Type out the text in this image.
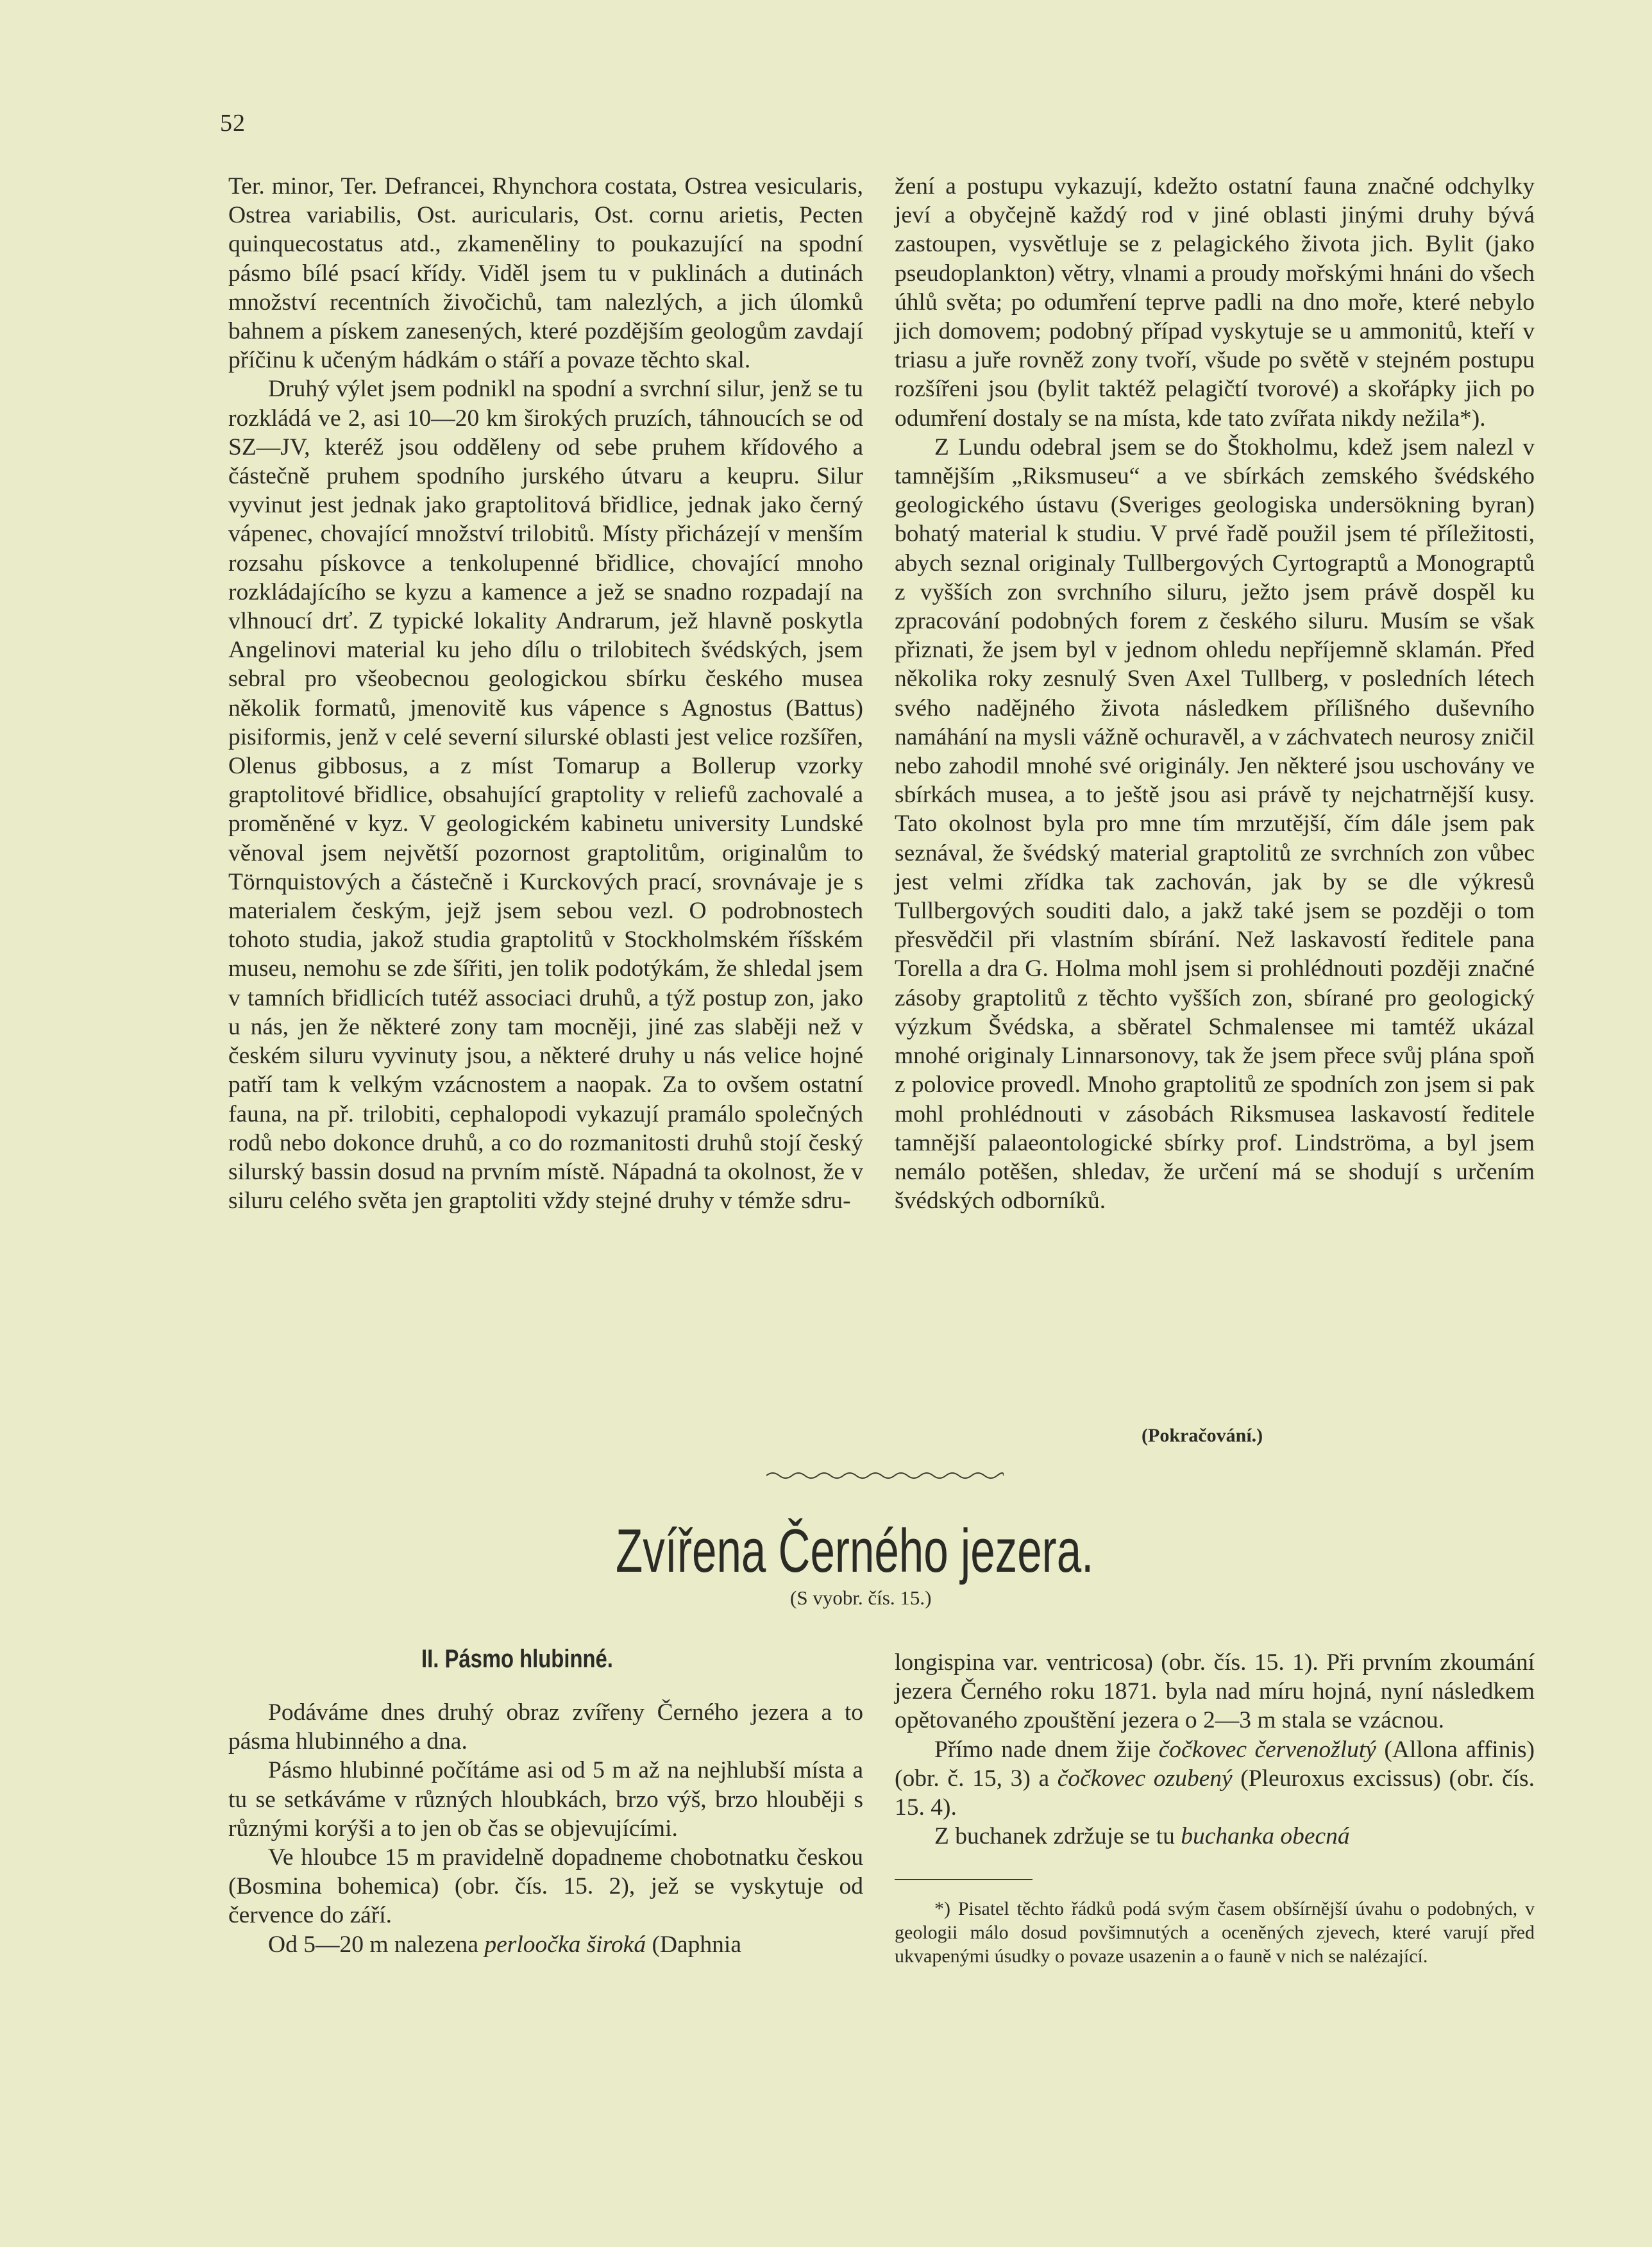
52

Ter. minor, Ter. Defrancei, Rhynchora costata, Ostrea vesicularis, Ostrea variabilis, Ost. auricularis, Ost. cornu arietis, Pecten quinquecostatus atd., zkameněliny to poukazující na spodní pásmo bílé psací křídy. Viděl jsem tu v puklinách a dutinách množství recentních živočichů, tam nalezlých, a jich úlomků bahnem a pískem zanesených, které pozdějším geologům zavdají příčinu k učeným hádkám o stáří a povaze těchto skal.

Druhý výlet jsem podnikl na spodní a svrchní silur, jenž se tu rozkládá ve 2, asi 10—20 km širokých pruzích, táhnoucích se od SZ—JV, kteréž jsou odděleny od sebe pruhem křídového a částečně pruhem spodního jurského útvaru a keupru. Silur vyvinut jest jednak jako graptolitová břidlice, jednak jako černý vápenec, chovající množství trilobitů. Místy přicházejí v menším rozsahu pískovce a tenkolupenné břidlice, chovající mnoho rozkládajícího se kyzu a kamence a jež se snadno rozpadají na vlhnoucí drť. Z typické lokality Andrarum, jež hlavně poskytla Angelinovi material ku jeho dílu o trilobitech švédských, jsem sebral pro všeobecnou geologickou sbírku českého musea několik formatů, jmenovitě kus vápence s Agnostus (Battus) pisiformis, jenž v celé severní silurské oblasti jest velice rozšířen, Olenus gibbosus, a z míst Tomarup a Bollerup vzorky graptolitové břidlice, obsahující graptolity v reliefů zachovalé a proměněné v kyz. V geologickém kabinetu university Lundské věnoval jsem největší pozornost graptolitům, originalům to Törnquistových a částečně i Kurckových prací, srovnávaje je s materialem českým, jejž jsem sebou vezl. O podrobnostech tohoto studia, jakož studia graptolitů v Stockholmském říšském museu, nemohu se zde šířiti, jen tolik podotýkám, že shledal jsem v tamních břidlicích tutéž associaci druhů, a týž postup zon, jako u nás, jen že některé zony tam mocněji, jiné zas slaběji než v českém siluru vyvinuty jsou, a některé druhy u nás velice hojné patří tam k velkým vzácnostem a naopak. Za to ovšem ostatní fauna, na př. trilobiti, cephalopodi vykazují pramálo společných rodů nebo dokonce druhů, a co do rozmanitosti druhů stojí český silurský bassin dosud na prvním místě. Nápadná ta okolnost, že v siluru celého světa jen graptoliti vždy stejné druhy v témže sdru-

žení a postupu vykazují, kdežto ostatní fauna značné odchylky jeví a obyčejně každý rod v jiné oblasti jinými druhy bývá zastoupen, vysvětluje se z pelagického života jich. Bylit (jako pseudoplankton) větry, vlnami a proudy mořskými hnáni do všech úhlů světa; po odumření teprve padli na dno moře, které nebylo jich domovem; podobný případ vyskytuje se u ammonitů, kteří v triasu a juře rovněž zony tvoří, všude po světě v stejném postupu rozšířeni jsou (bylit taktéž pelagičtí tvorové) a skořápky jich po odumření dostaly se na místa, kde tato zvířata nikdy nežila*).

Z Lundu odebral jsem se do Štokholmu, kdež jsem nalezl v tamnějším „Riksmuseu“ a ve sbírkách zemského švédského geologického ústavu (Sveriges geologiska undersökning byran) bohatý material k studiu. V prvé řadě použil jsem té příležitosti, abych seznal originaly Tullbergových Cyrtograptů a Monograptů z vyšších zon svrchního siluru, ježto jsem právě dospěl ku zpracování podobných forem z českého siluru. Musím se však přiznati, že jsem byl v jednom ohledu nepříjemně sklamán. Před několika roky zesnulý Sven Axel Tullberg, v posledních létech svého nadějného života následkem přílišného duševního namáhání na mysli vážně ochuravěl, a v záchvatech neurosy zničil nebo zahodil mnohé své originály. Jen některé jsou uschovány ve sbírkách musea, a to ještě jsou asi právě ty nejchatrnější kusy. Tato okolnost byla pro mne tím mrzutější, čím dále jsem pak seznával, že švédský material graptolitů ze svrchních zon vůbec jest velmi zřídka tak zachován, jak by se dle výkresů Tullbergových souditi dalo, a jakž také jsem se později o tom přesvědčil při vlastním sbírání. Než laskavostí ředitele pana Torella a dra G. Holma mohl jsem si prohlédnouti později značné zásoby graptolitů z těchto vyšších zon, sbírané pro geologický výzkum Švédska, a sběratel Schmalensee mi tamtéž ukázal mnohé originaly Linnarsonovy, tak že jsem přece svůj plána spoň z polovice provedl. Mnoho graptolitů ze spodních zon jsem si pak mohl prohlédnouti v zásobách Riksmusea laskavostí ředitele tamnější palaeontologické sbírky prof. Lindströma, a byl jsem nemálo potěšen, shledav, že určení má se shodují s určením švédských odborníků.

(Pokračování.)
Zvířena Černého jezera.
(S vyobr. čís. 15.)
II. Pásmo hlubinné.

Podáváme dnes druhý obraz zvířeny Černého jezera a to pásma hlubinného a dna.

Pásmo hlubinné počítáme asi od 5 m až na nejhlubší místa a tu se setkáváme v různých hloubkách, brzo výš, brzo hlouběji s různými korýši a to jen ob čas se objevujícími.

Ve hloubce 15 m pravidelně dopadneme chobotnatku českou (Bosmina bohemica) (obr. čís. 15. 2), jež se vyskytuje od července do září.

Od 5—20 m nalezena perloočka široká (Daphnia

longispina var. ventricosa) (obr. čís. 15. 1). Při prvním zkoumání jezera Černého roku 1871. byla nad míru hojná, nyní následkem opětovaného zpouštění jezera o 2—3 m stala se vzácnou.

Přímo nade dnem žije čočkovec červenožlutý (Allona affinis) (obr. č. 15, 3) a čočkovec ozubený (Pleuroxus excissus) (obr. čís. 15. 4).

Z buchanek zdržuje se tu buchanka obecná

*) Pisatel těchto řádků podá svým časem obšírnější úvahu o podobných, v geologii málo dosud povšimnutých a oceněných zjevech, které varují před ukvapenými úsudky o povaze usazenin a o fauně v nich se nalézající.
